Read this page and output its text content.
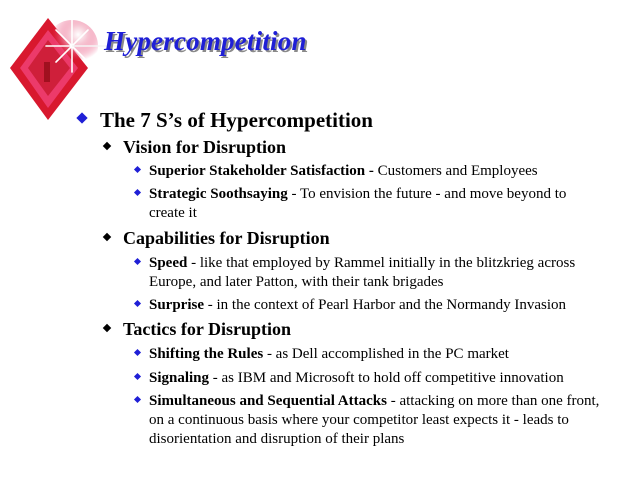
Hypercompetition
The 7 S’s of Hypercompetition
Vision for Disruption
Superior Stakeholder Satisfaction - Customers and Employees
Strategic Soothsaying - To envision the future - and move beyond to create it
Capabilities for Disruption
Speed - like that employed by Rammel initially in the blitzkrieg across Europe, and later Patton, with their tank brigades
Surprise - in the context of Pearl Harbor and the Normandy Invasion
Tactics for Disruption
Shifting the Rules - as Dell accomplished in the PC market
Signaling - as IBM and Microsoft to hold off competitive innovation
Simultaneous and Sequential Attacks - attacking on more than one front, on a continuous basis where your competitor least expects it - leads to disorientation and disruption of their plans
